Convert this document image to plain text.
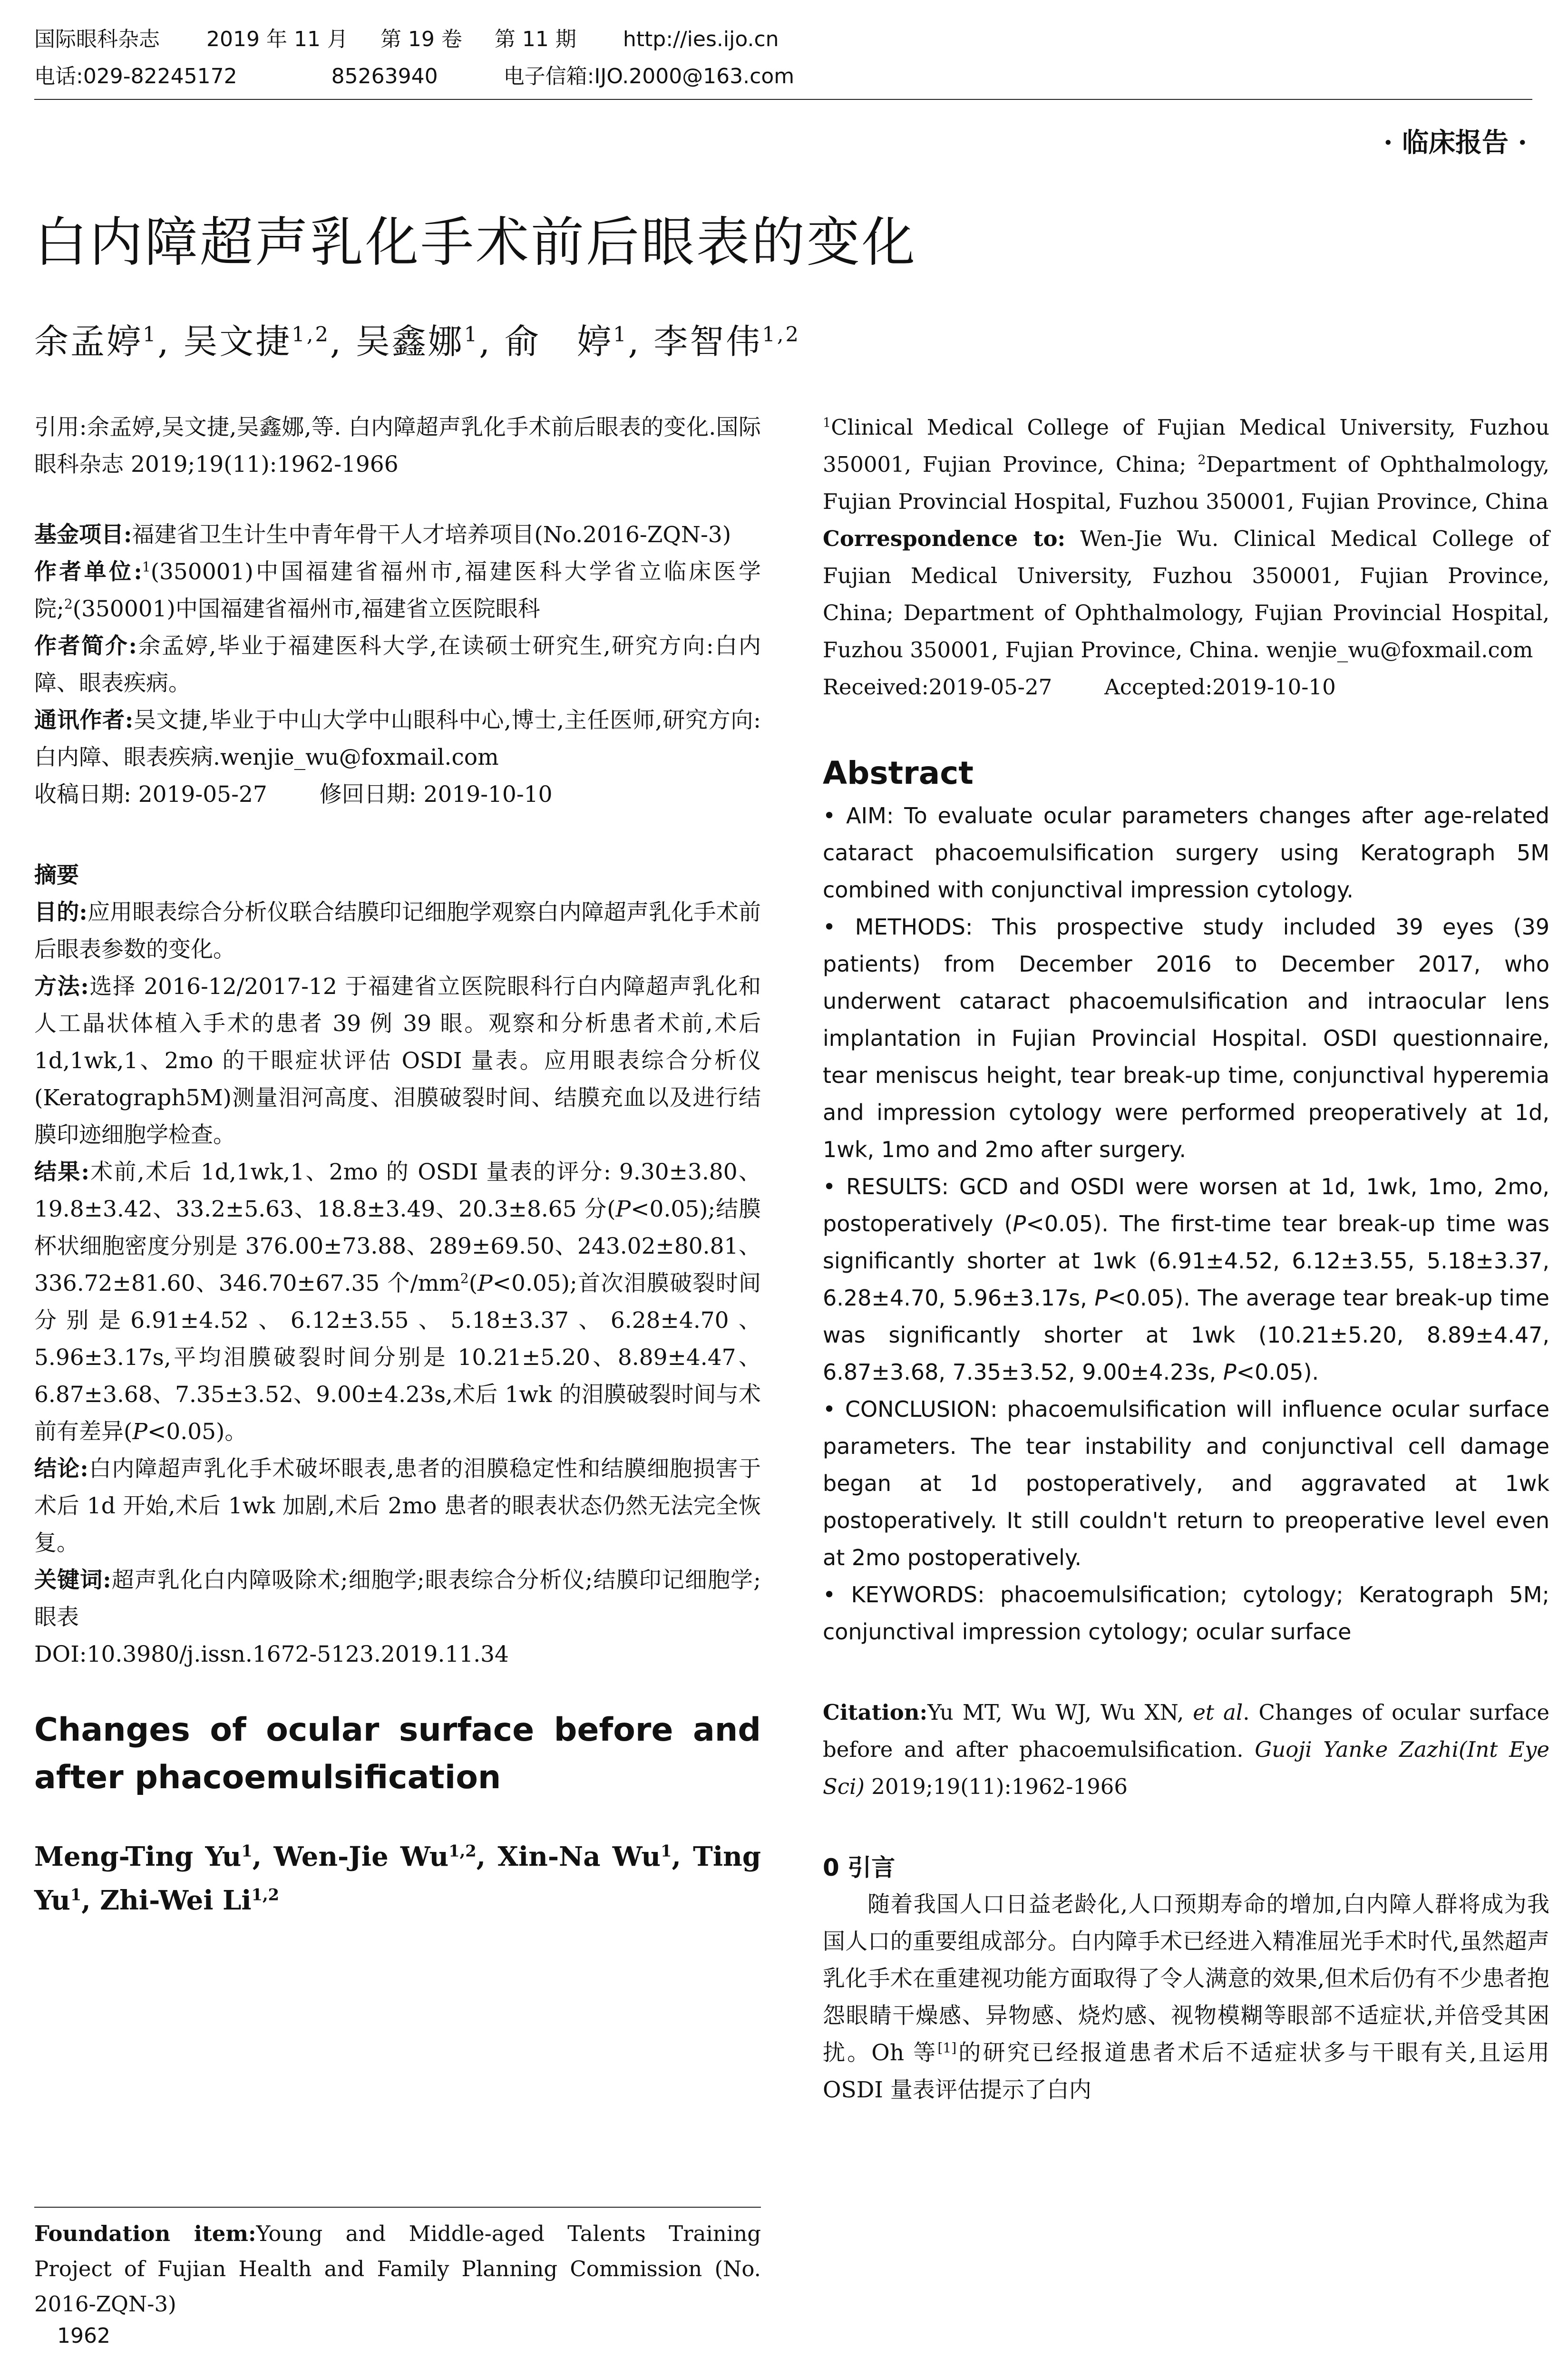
国际眼科杂志 2019 年 11 月 第 19 卷 第 11 期 http://ies.ijo.cn
电话:029-82245172	85263940	电子信箱:IJO.2000@163.com
· 临床报告 ·
白内障超声乳化手术前后眼表的变化
余孟婷$^1$, 吴文捷$^{1,2}$, 吴鑫娜$^1$, 俞　婷$^1$, 李智伟$^{1,2}$

引用:余孟婷,吴文捷,吴鑫娜,等. 白内障超声乳化手术前后眼表的变化.国际眼科杂志 2019;19(11):1962-1966

基金项目:福建省卫生计生中青年骨干人才培养项目(No.2016-ZQN-3)

作者单位:$^1$(350001)中国福建省福州市,福建医科大学省立临床医学院;$^2$(350001)中国福建省福州市,福建省立医院眼科

作者简介:余孟婷,毕业于福建医科大学,在读硕士研究生,研究方向:白内障、眼表疾病。

通讯作者:吴文捷,毕业于中山大学中山眼科中心,博士,主任医师,研究方向:白内障、眼表疾病.wenjie_wu@foxmail.com

收稿日期: 2019-05-27 修回日期: 2019-10-10

摘要

目的:应用眼表综合分析仪联合结膜印记细胞学观察白内障超声乳化手术前后眼表参数的变化。

方法:选择 2016-12/2017-12 于福建省立医院眼科行白内障超声乳化和人工晶状体植入手术的患者 39 例 39 眼。观察和分析患者术前,术后 1d,1wk,1、2mo 的干眼症状评估 OSDI 量表。应用眼表综合分析仪(Keratograph5M)测量泪河高度、泪膜破裂时间、结膜充血以及进行结膜印迹细胞学检查。

结果:术前,术后 1d,1wk,1、2mo 的 OSDI 量表的评分: 9.30±3.80、19.8±3.42、33.2±5.63、18.8±3.49、20.3±8.65 分(P<0.05);结膜杯状细胞密度分别是 376.00±73.88、289±69.50、243.02±80.81、336.72±81.60、346.70±67.35 个$/mm^2(P<0.05)$;首次泪膜破裂时间分别是6.91±4.52、6.12±3.55、5.18±3.37、6.28±4.70、5.96±3.17s,平均泪膜破裂时间分别是 10.21±5.20、8.89±4.47、6.87±3.68、7.35±3.52、9.00±4.23s,术后 1wk 的泪膜破裂时间与术前有差异(P<0.05)。

结论:白内障超声乳化手术破坏眼表,患者的泪膜稳定性和结膜细胞损害于术后 1d 开始,术后 1wk 加剧,术后 2mo 患者的眼表状态仍然无法完全恢复。

关键词:超声乳化白内障吸除术;细胞学;眼表综合分析仪;结膜印记细胞学;眼表

DOI:10.3980/j.issn.1672-5123.2019.11.34

Changes of ocular surface before and after phacoemulsification

Meng-Ting Yu$^1$, Wen-Jie Wu$^{1,2}$, Xin-Na Wu$^1$, Ting Yu$^1$, Zhi-Wei Li$^{1,2}$

Foundation item:Young and Middle-aged Talents Training Project of Fujian Health and Family Planning Commission (No. 2016-ZQN-3)

$^1$Clinical Medical College of Fujian Medical University, Fuzhou 350001, Fujian Province, China; $^2$Department of Ophthalmology, Fujian Provincial Hospital, Fuzhou 350001, Fujian Province, China

Correspondence to: Wen-Jie Wu. Clinical Medical College of Fujian Medical University, Fuzhou 350001, Fujian Province, China; Department of Ophthalmology, Fujian Provincial Hospital, Fuzhou 350001, Fujian Province, China. wenjie_wu@foxmail.com

Received:2019-05-27 Accepted:2019-10-10

Abstract

• AIM: To evaluate ocular parameters changes after age-related cataract phacoemulsification surgery using Keratograph 5M combined with conjunctival impression cytology.

• METHODS: This prospective study included 39 eyes (39 patients) from December 2016 to December 2017, who underwent cataract phacoemulsification and intraocular lens implantation in Fujian Provincial Hospital. OSDI questionnaire, tear meniscus height, tear break-up time, conjunctival hyperemia and impression cytology were performed preoperatively at 1d, 1wk, 1mo and 2mo after surgery.

• RESULTS: GCD and OSDI were worsen at 1d, 1wk, 1mo, 2mo, postoperatively (P<0.05). The first-time tear break-up time was significantly shorter at 1wk (6.91±4.52, 6.12±3.55, 5.18±3.37, 6.28±4.70, 5.96±3.17s, P<0.05). The average tear break-up time was significantly shorter at 1wk (10.21±5.20, 8.89±4.47, 6.87±3.68, 7.35±3.52, 9.00±4.23s, P<0.05).

• CONCLUSION: phacoemulsification will influence ocular surface parameters. The tear instability and conjunctival cell damage began at 1d postoperatively, and aggravated at 1wk postoperatively. It still couldn't return to preoperative level even at 2mo postoperatively.

• KEYWORDS: phacoemulsification; cytology; Keratograph 5M; conjunctival impression cytology; ocular surface

Citation:Yu MT, Wu WJ, Wu XN, et al. Changes of ocular surface before and after phacoemulsification. Guoji Yanke Zazhi(Int Eye Sci) 2019;19(11):1962-1966

0 引言

随着我国人口日益老龄化,人口预期寿命的增加,白内障人群将成为我国人口的重要组成部分。白内障手术已经进入精准屈光手术时代,虽然超声乳化手术在重建视功能方面取得了令人满意的效果,但术后仍有不少患者抱怨眼睛干燥感、异物感、烧灼感、视物模糊等眼部不适症状,并倍受其困扰。Oh 等[1]的研究已经报道患者术后不适症状多与干眼有关,且运用 OSDI 量表评估提示了白内

1962
